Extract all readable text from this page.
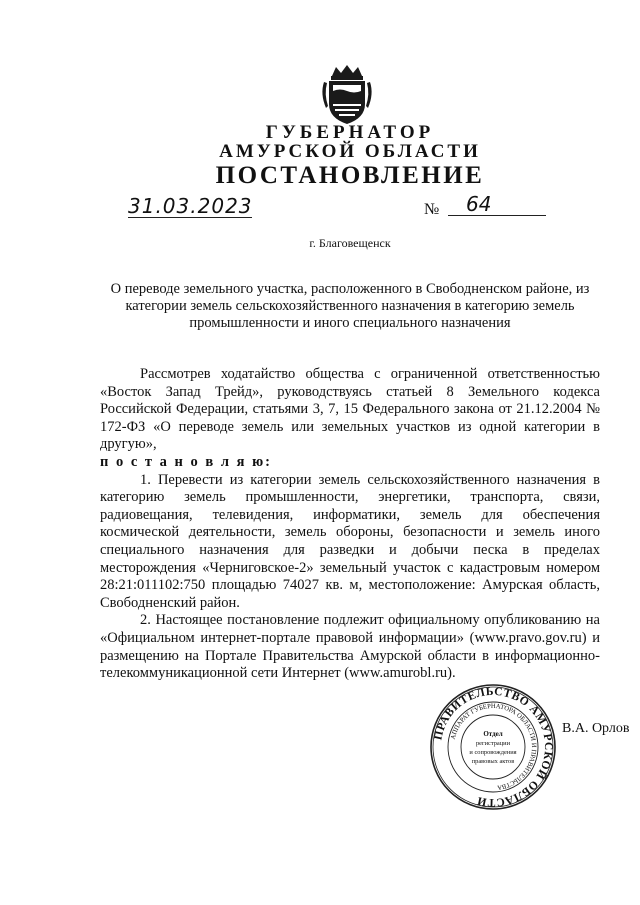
ГУБЕРНАТОР
АМУРСКОЙ ОБЛАСТИ
ПОСТАНОВЛЕНИЕ
31.03.2023	№	64
г. Благовещенск
О переводе земельного участка, расположенного в Свободненском районе, из категории земель сельскохозяйственного назначения в категорию земель промышленности и иного специального назначения

Рассмотрев ходатайство общества с ограниченной ответственностью «Восток Запад Трейд», руководствуясь статьей 8 Земельного кодекса Российской Федерации, статьями 3, 7, 15 Федерального закона от 21.12.2004 № 172-ФЗ «О переводе земель или земельных участков из одной категории в другую»,

п о с т а н о в л я ю:

1. Перевести из категории земель сельскохозяйственного назначения в категорию земель промышленности, энергетики, транспорта, связи, радиовещания, телевидения, информатики, земель для обеспечения космической деятельности, земель обороны, безопасности и земель иного специального назначения для разведки и добычи песка в пределах месторождения «Черниговское-2» земельный участок с кадастровым номером 28:21:011102:750 площадью 74027 кв. м, местоположение: Амурская область, Свободненский район.

2. Настоящее постановление подлежит официальному опубликованию на «Официальном интернет-портале правовой информации» (www.pravo.gov.ru) и размещению на Портале Правительства Амурской области в информационно-телекоммуникационной сети Интернет (www.amurobl.ru).

ПРАВИТЕЛЬСТВО АМУРСКОЙ ОБЛАСТИ
АППАРАТ ГУБЕРНАТОРА ОБЛАСТИ И ПРАВИТЕЛЬСТВА
Отдел
регистрации
и сопровождения
правовых актов
В.А. Орлов
